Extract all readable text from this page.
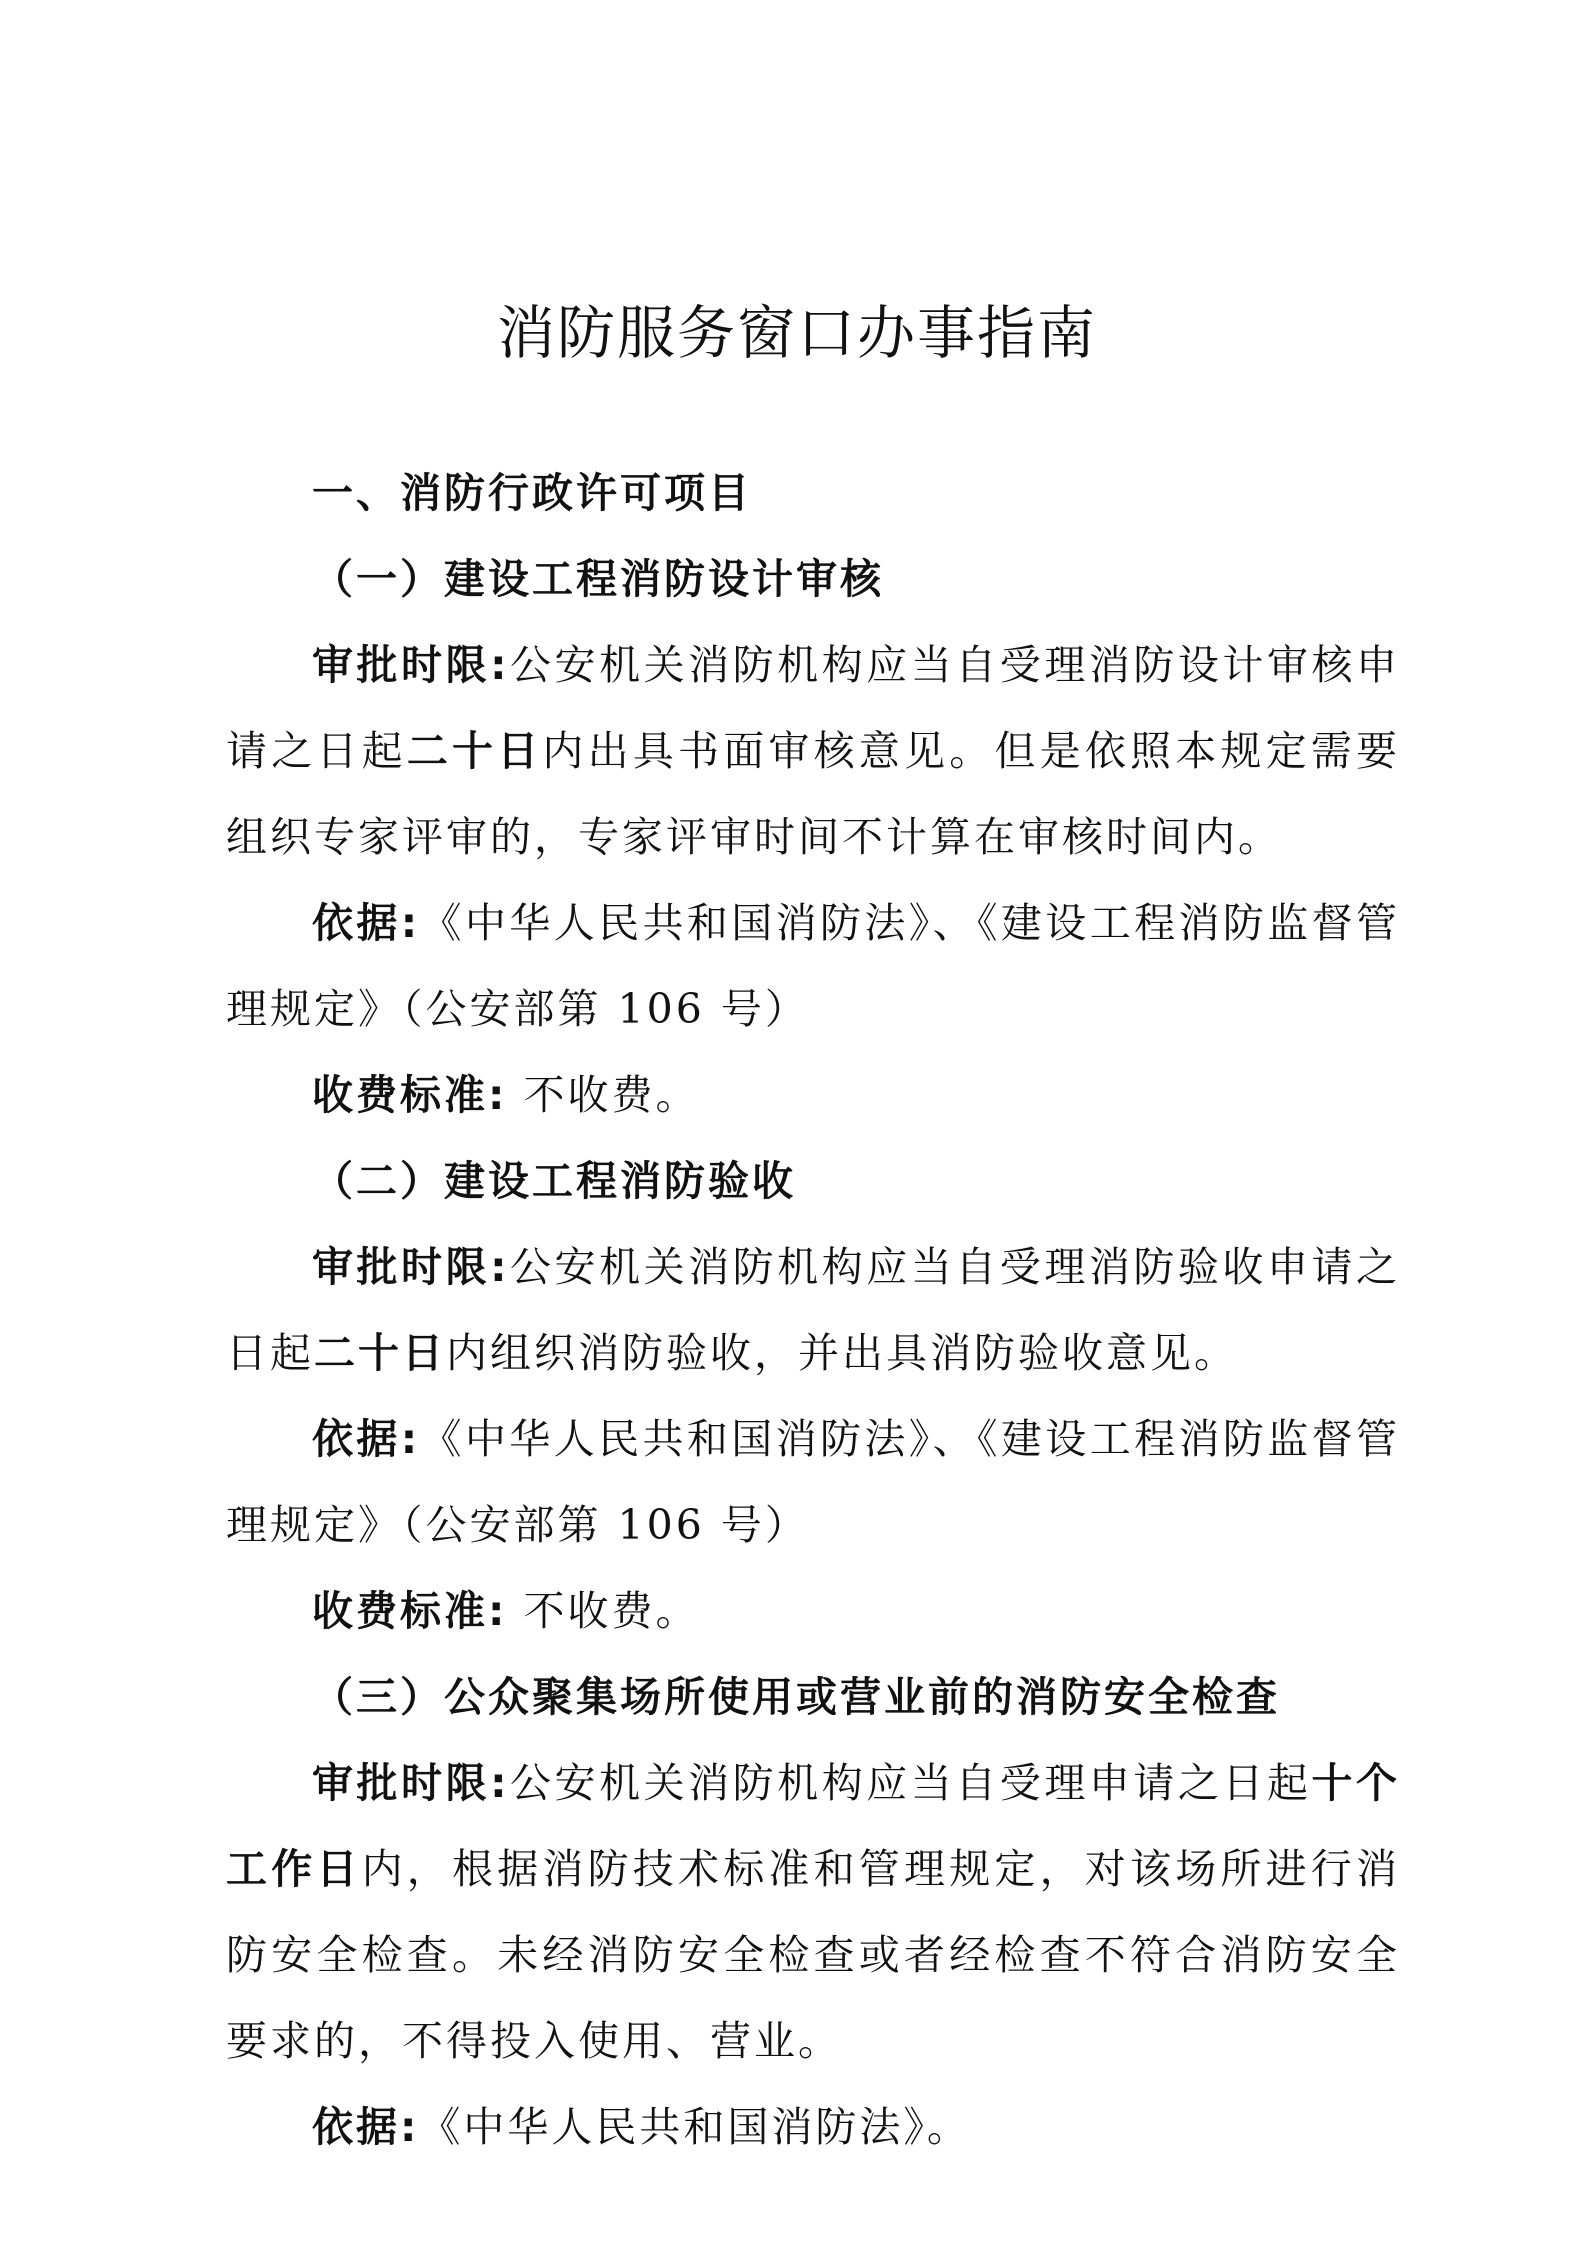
消防服务窗口办事指南

一、消防行政许可项目

（一）建设工程消防设计审核

审批时限:公安机关消防机构应当自受理消防设计审核申请之日起二十日内出具书面审核意见。但是依照本规定需要组织专家评审的，专家评审时间不计算在审核时间内。

依据:《中华人民共和国消防法》、《建设工程消防监督管理规定》（公安部第 106 号）

收费标准: 不收费。

（二）建设工程消防验收

审批时限:公安机关消防机构应当自受理消防验收申请之日起二十日内组织消防验收，并出具消防验收意见。

依据:《中华人民共和国消防法》、《建设工程消防监督管理规定》（公安部第 106 号）

收费标准: 不收费。

（三）公众聚集场所使用或营业前的消防安全检查

审批时限:公安机关消防机构应当自受理申请之日起十个工作日内，根据消防技术标准和管理规定，对该场所进行消防安全检查。未经消防安全检查或者经检查不符合消防安全要求的，不得投入使用、营业。

依据:《中华人民共和国消防法》。
